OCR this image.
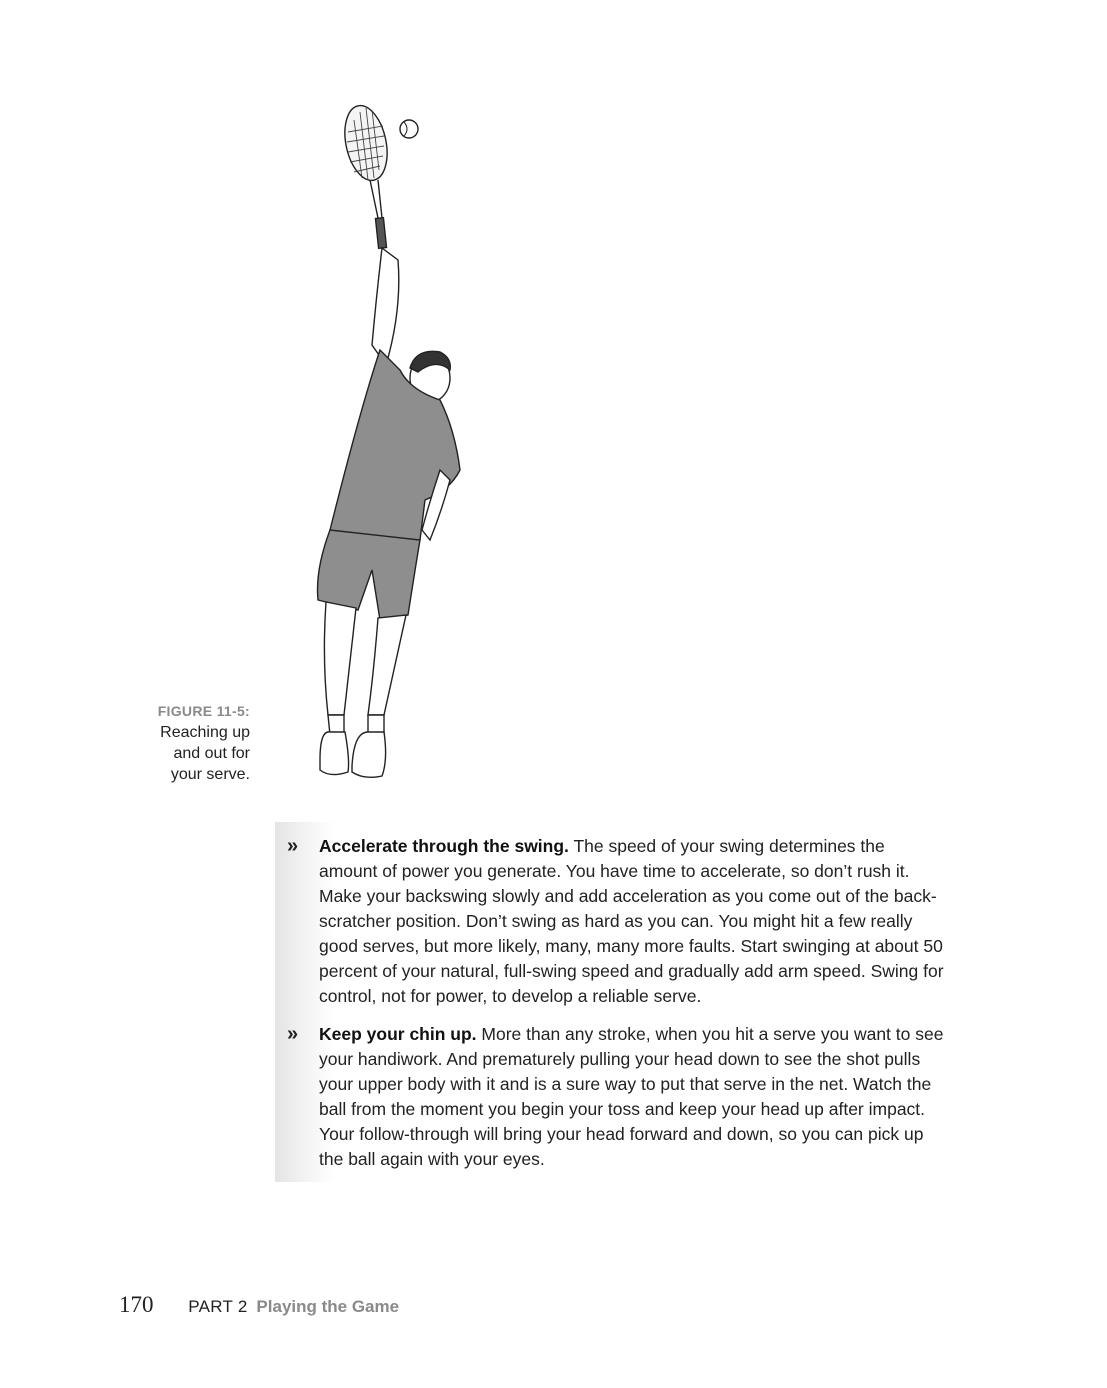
FIGURE 11-5:
Reaching up
and out for
your serve.
» Accelerate through the swing. The speed of your swing determines the amount of power you generate. You have time to accelerate, so don’t rush it. Make your backswing slowly and add acceleration as you come out of the back-scratcher position. Don’t swing as hard as you can. You might hit a few really good serves, but more likely, many, many more faults. Start swinging at about 50 percent of your natural, full-swing speed and gradually add arm speed. Swing for control, not for power, to develop a reliable serve.
» Keep your chin up. More than any stroke, when you hit a serve you want to see your handiwork. And prematurely pulling your head down to see the shot pulls your upper body with it and is a sure way to put that serve in the net. Watch the ball from the moment you begin your toss and keep your head up after impact. Your follow-through will bring your head forward and down, so you can pick up the ball again with your eyes.
170 PART 2 Playing the Game
